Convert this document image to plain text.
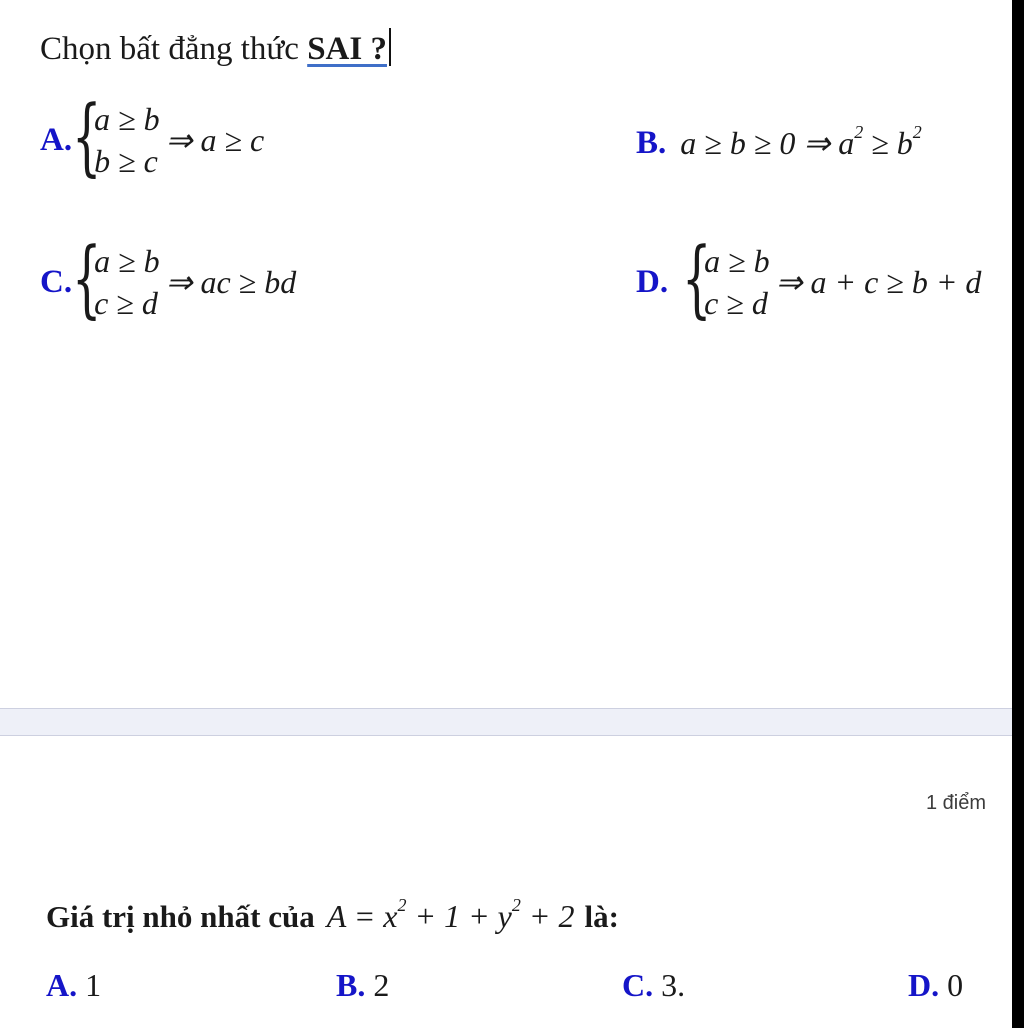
Chọn bất đẳng thức SAI ?
A. {
a ≥ b
b ≥ c
⇒ a ≥ c	B. a ≥ b ≥ 0 ⇒ $a^2 \ge b^2$
C. {
a ≥ b
c ≥ d
⇒ ac ≥ bd	D. {
a ≥ b
c ≥ d
⇒ a + c ≥ b + d
1 điểm
Giá trị nhỏ nhất của $A = x^2 + 1 + y^2 + 2$ là:
A. 1	B. 2	C. 3.	D. 0
